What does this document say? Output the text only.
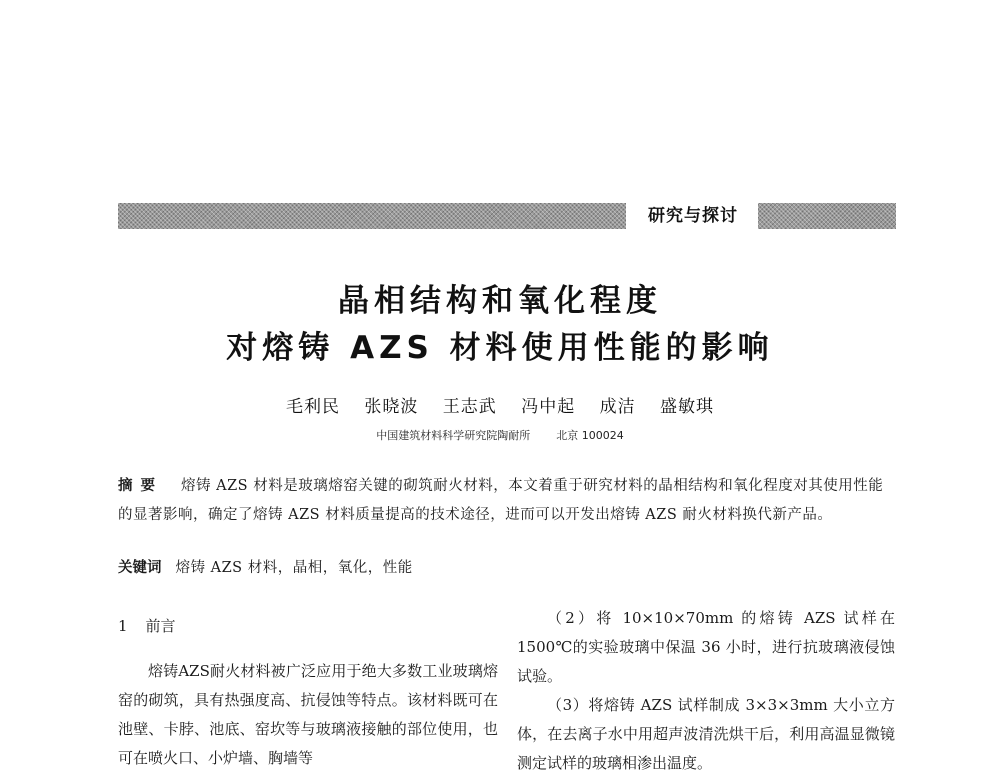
研究与探讨
晶相结构和氧化程度
对熔铸 AZS 材料使用性能的影响
毛利民 张晓波 王志武 冯中起 成洁 盛敏琪
中国建筑材料科学研究院陶耐所 北京 100024
摘要 熔铸 AZS 材料是玻璃熔窑关键的砌筑耐火材料，本文着重于研究材料的晶相结构和氧化程度对其使用性能的显著影响，确定了熔铸 AZS 材料质量提高的技术途径，进而可以开发出熔铸 AZS 耐火材料换代新产品。
关键词 熔铸 AZS 材料，晶相，氧化，性能

1 前言

熔铸AZS耐火材料被广泛应用于绝大多数工业玻璃熔窑的砌筑，具有热强度高、抗侵蚀等特点。该材料既可在池壁、卡脖、池底、窑坎等与玻璃液接触的部位使用，也可在喷火口、小炉墙、胸墙等

（2）将 10×10×70mm 的熔铸 AZS 试样在1500℃的实验玻璃中保温 36 小时，进行抗玻璃液侵蚀试验。

（3）将熔铸 AZS 试样制成 3×3×3mm 大小立方体，在去离子水中用超声波清洗烘干后，利用高温显微镜测定试样的玻璃相渗出温度。
